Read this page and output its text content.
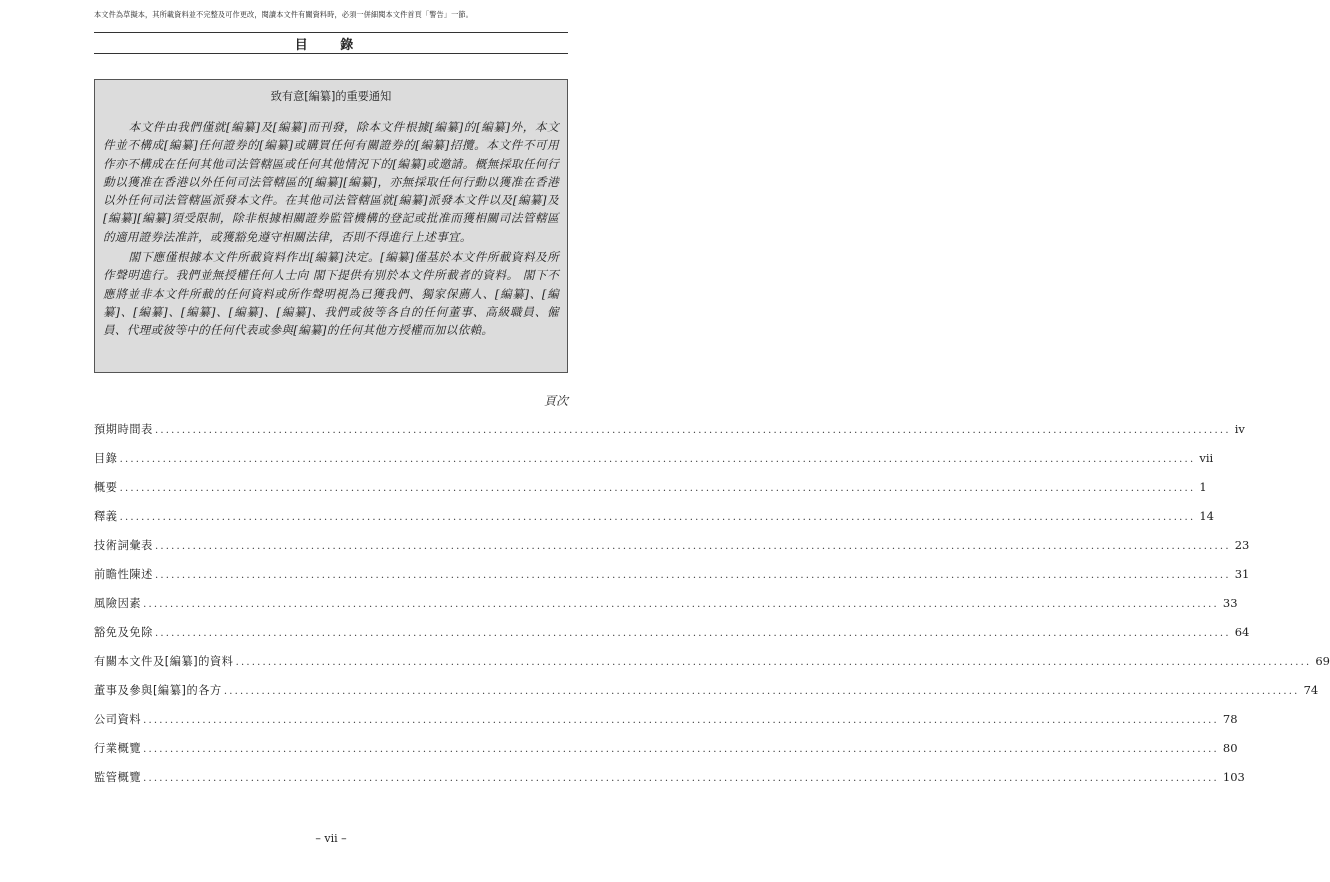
本文件為草擬本，其所載資料並不完整及可作更改，閱讀本文件有關資料時，必須一併細閱本文件首頁「警告」一節。
目 錄
致有意[編纂]的重要通知

本文件由我們僅就[編纂]及[編纂]而刊發，除本文件根據[編纂]的[編纂]外，本文件並不構成[編纂]任何證券的[編纂]或購買任何有關證券的[編纂]招攬。本文件不可用作亦不構成在任何其他司法管轄區或任何其他情況下的[編纂]或邀請。概無採取任何行動以獲准在香港以外任何司法管轄區的[編纂][編纂]，亦無採取任何行動以獲准在香港以外任何司法管轄區派發本文件。在其他司法管轄區就[編纂]派發本文件以及[編纂]及[編纂][編纂]須受限制，除非根據相關證券監管機構的登記或批准而獲相關司法管轄區的適用證券法准許，或獲豁免遵守相關法律，否則不得進行上述事宜。

閣下應僅根據本文件所載資料作出[編纂]決定。[編纂]僅基於本文件所載資料及所作聲明進行。我們並無授權任何人士向 閣下提供有別於本文件所載者的資料。 閣下不應將並非本文件所載的任何資料或所作聲明視為已獲我們、獨家保薦人、[編纂]、[編纂]、[編纂]、[編纂]、[編纂]、[編纂]、我們或彼等各自的任何董事、高級職員、僱員、代理或彼等中的任何代表或參與[編纂]的任何其他方授權而加以依賴。

頁次
預期時間表 ........................................................................................................................................................................................................ iv
目錄 ........................................................................................................................................................................................................ vii
概要 ........................................................................................................................................................................................................ 1
釋義 ........................................................................................................................................................................................................ 14
技術詞彙表 ........................................................................................................................................................................................................ 23
前瞻性陳述 ........................................................................................................................................................................................................ 31
風險因素 ........................................................................................................................................................................................................ 33
豁免及免除 ........................................................................................................................................................................................................ 64
有關本文件及[編纂]的資料 ........................................................................................................................................................................................................ 69
董事及參與[編纂]的各方 ........................................................................................................................................................................................................ 74
公司資料 ........................................................................................................................................................................................................ 78
行業概覽 ........................................................................................................................................................................................................ 80
監管概覽 ........................................................................................................................................................................................................ 103
– vii –
